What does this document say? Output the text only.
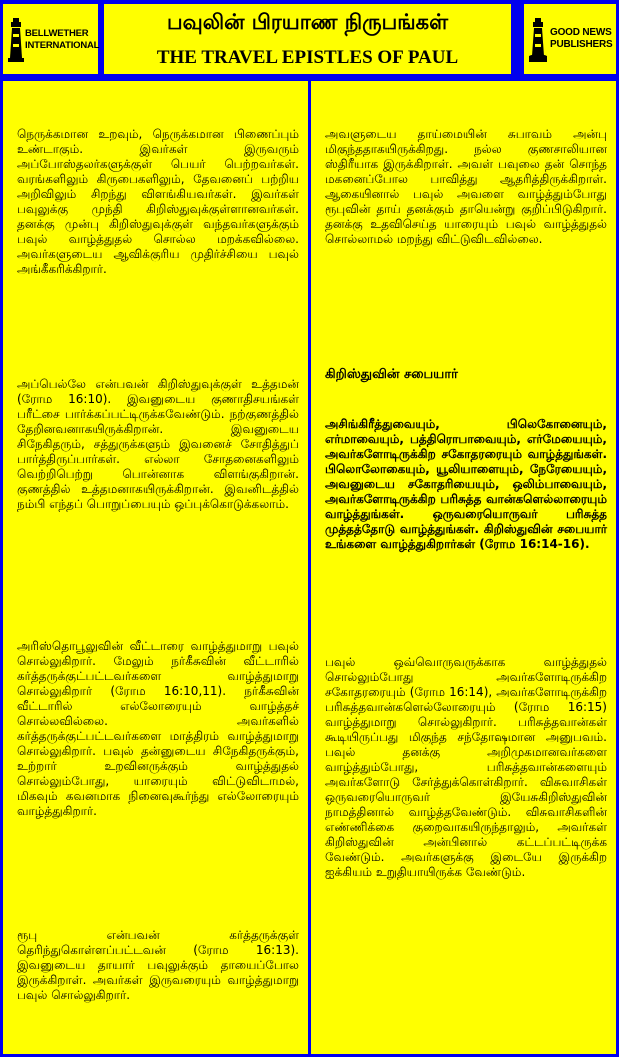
BELLWETHER
INTERNATIONAL
பவுலின் பிரயாண நிருபங்கள்
THE TRAVEL EPISTLES OF PAUL
GOOD NEWS
PUBLISHERS
நெருக்கமான உறவும், நெருக்கமான பிணைப்பும் உண்டாகும். இவர்கள் இருவரும் அப்போஸ்தலர்களுக்குள் பெயர் பெற்றவர்கள். வரங்களிலும் கிருபைகளிலும், தேவனைப் பற்றிய அறிவிலும் சிறந்து விளங்கியவர்கள். இவர்கள் பவுலுக்கு முந்தி கிறிஸ்துவுக்குள்ளானவர்கள். தனக்கு முன்பு கிறிஸ்துவுக்குள் வந்தவர்களுக்கும் பவுல் வாழ்த்துதல் சொல்ல மறக்கவில்லை. அவர்களுடைய ஆவிக்குரிய முதிர்ச்சியை பவுல் அங்கீகரிக்கிறார்.
அப்பெல்லே என்பவன் கிறிஸ்துவுக்குள் உத்தமன் (ரோம 16:10). இவனுடைய குணாதிசயங்கள் பரீட்சை பார்க்கப்பட்டிருக்கவேண்டும். நற்குணத்தில் தேறினவனாகயிருக்கிறான். இவனுடைய சிநேகிதரும், சத்துருக்களும் இவனைச் சோதித்துப் பார்த்திருப்பார்கள். எல்லா சோதனைகளிலும் வெற்றிபெற்று பொன்னாக விளங்குகிறான். குணத்தில் உத்தமனாகயிருக்கிறான். இவனிடத்தில் நம்பி எந்தப் பொறுப்பையும் ஒப்புக்கொடுக்கலாம்.
அரிஸ்தொபூலுவின் வீட்டாரை வாழ்த்துமாறு பவுல் சொல்லுகிறார். மேலும் நர்கீசுவின் வீட்டாரில் கர்த்தருக்குட்பட்டவர்களை வாழ்த்துமாறு சொல்லுகிறார் (ரோம 16:10,11). நர்கீசுவின் வீட்டாரில் எல்லோரையும் வாழ்த்தச் சொல்லவில்லை. அவர்களில் கர்த்தருக்குட்பட்டவர்களை மாத்திரம் வாழ்த்துமாறு சொல்லுகிறார். பவுல் தன்னுடைய சிநேகிதருக்கும், உற்றார் உறவினருக்கும் வாழ்த்துதல் சொல்லும்போது, யாரையும் விட்டுவிடாமல், மிகவும் கவனமாக நினைவுகூர்ந்து எல்லோரையும் வாழ்த்துகிறார்.
ரூபு என்பவன் கர்த்தருக்குள் தெரிந்துகொள்ளப்பட்டவன் (ரோம 16:13). இவனுடைய தாயார் பவுலுக்கும் தாயைப்போல இருக்கிறாள். அவர்கள் இருவரையும் வாழ்த்துமாறு பவுல் சொல்லுகிறார்.
அவளுடைய தாய்மையின் சுபாவம் அன்பு மிகுந்ததாகயிருக்கிறது. நல்ல குணசாலியான ஸ்திரீயாக இருக்கிறாள். அவள் பவுலை தன் சொந்த மகனைப்போல பாவித்து ஆதரித்திருக்கிறாள். ஆகையினால் பவுல் அவளை வாழ்த்தும்போது ரூபுவின் தாய் தனக்கும் தாயென்று குறிப்பிடுகிறார். தனக்கு உதவிசெய்த யாரையும் பவுல் வாழ்த்துதல் சொல்லாமல் மறந்து விட்டுவிடவில்லை.
கிறிஸ்துவின் சபையார்
அசிங்கிரீத்துவையும், பிலெகோனையும், எர்மாவையும், பத்திரொபாவையும், எர்மேயையும், அவர்களோடிருக்கிற சகோதரரையும் வாழ்த்துங்கள். பிலொலோகையும், யூலியாளையும், நேரேயையும், அவனுடைய சகோதரியையும், ஒலிம்பாவையும், அவர்களோடிருக்கிற பரிசுத்த வான்களெல்லாரையும் வாழ்த்துங்கள். ஒருவரையொருவர் பரிசுத்த முத்தத்தோடு வாழ்த்துங்கள். கிறிஸ்துவின் சபையார் உங்களை வாழ்த்துகிறார்கள் (ரோம 16:14-16).
பவுல் ஒவ்வொருவருக்காக வாழ்த்துதல் சொல்லும்போது அவர்களோடிருக்கிற சகோதரரையும் (ரோம 16:14), அவர்களோடிருக்கிற பரிசுத்தவான்களெல்லோரையும் (ரோம 16:15) வாழ்த்துமாறு சொல்லுகிறார். பரிசுத்தவான்கள் கூடியிருப்பது மிகுந்த சந்தோஷமான அனுபவம். பவுல் தனக்கு அறிமுகமானவர்களை வாழ்த்தும்போது, பரிசுத்தவான்களையும் அவர்களோடு சேர்த்துக்கொள்கிறார். விசுவாசிகள் ஒருவரையொருவர் இயேசுகிறிஸ்துவின் நாமத்தினால் வாழ்த்தவேண்டும். விசுவாசிகளின் எண்ணிக்கை குறைவாகயிருந்தாலும், அவர்கள் கிறிஸ்துவின் அன்பினால் கட்டப்பட்டிருக்க வேண்டும். அவர்களுக்கு இடையே இருக்கிற ஐக்கியம் உறுதியாயிருக்க வேண்டும்.
